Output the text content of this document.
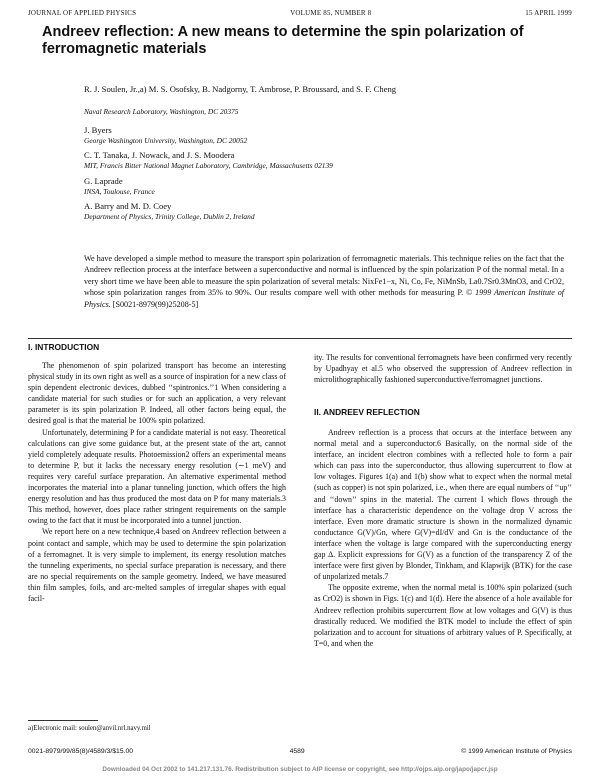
JOURNAL OF APPLIED PHYSICS	VOLUME 85, NUMBER 8	15 APRIL 1999
Andreev reflection: A new means to determine the spin polarization of ferromagnetic materials
R. J. Soulen, Jr.,a) M. S. Osofsky, B. Nadgorny, T. Ambrose, P. Broussard, and S. F. Cheng
Naval Research Laboratory, Washington, DC 20375
J. Byers
George Washington University, Washington, DC 20052
C. T. Tanaka, J. Nowack, and J. S. Moodera
MIT, Francis Bitter National Magnet Laboratory, Cambridge, Massachusetts 02139
G. Laprade
INSA, Toulouse, France
A. Barry and M. D. Coey
Department of Physics, Trinity College, Dublin 2, Ireland
We have developed a simple method to measure the transport spin polarization of ferromagnetic materials. This technique relies on the fact that the Andreev reflection process at the interface between a superconductive and normal is influenced by the spin polarization P of the normal metal. In a very short time we have been able to measure the spin polarization of several metals: NixFe1−x, Ni, Co, Fe, NiMnSb, La0.7Sr0.3MnO3, and CrO2, whose spin polarization ranges from 35% to 90%. Our results compare well with other methods for measuring P. © 1999 American Institute of Physics. [S0021-8979(99)25208-5]
I. INTRODUCTION

The phenomenon of spin polarized transport has become an interesting physical study in its own right as well as a source of inspiration for a new class of spin dependent electronic devices, dubbed ‘‘spintronics.’’1 When considering a candidate material for such studies or for such an application, a very relevant parameter is its spin polarization P. Indeed, all other factors being equal, the desired goal is that the material be 100% spin polarized.

Unfortunately, determining P for a candidate material is not easy. Theoretical calculations can give some guidance but, at the present state of the art, cannot yield completely adequate results. Photoemission2 offers an experimental means to determine P, but it lacks the necessary energy resolution (∼1 meV) and requires very careful surface preparation. An alternative experimental method incorporates the material into a planar tunneling junction, which offers the high energy resolution and has thus produced the most data on P for many materials.3 This method, however, does place rather stringent requirements on the sample owing to the fact that it must be incorporated into a tunnel junction.

We report here on a new technique,4 based on Andreev reflection between a point contact and sample, which may be used to determine the spin polarization of a ferromagnet. It is very simple to implement, its energy resolution matches the tunneling experiments, no special surface preparation is necessary, and there are no special requirements on the sample geometry. Indeed, we have measured thin film samples, foils, and arc-melted samples of irregular shapes with equal facil-

ity. The results for conventional ferromagnets have been confirmed very recently by Upadhyay et al.5 who observed the suppression of Andreev reflection in microlithographically fashioned superconductive/ferromagnet junctions.

II. ANDREEV REFLECTION

Andreev reflection is a process that occurs at the interface between any normal metal and a superconductor.6 Basically, on the normal side of the interface, an incident electron combines with a reflected hole to form a pair which can pass into the superconductor, thus allowing supercurrent to flow at low voltages. Figures 1(a) and 1(b) show what to expect when the normal metal (such as copper) is not spin polarized, i.e., when there are equal numbers of ‘‘up’’ and ‘‘down’’ spins in the material. The current I which flows through the interface has a characteristic dependence on the voltage drop V across the interface. Even more dramatic structure is shown in the normalized dynamic conductance G(V)/Gn, where G(V)=dI/dV and Gn is the conductance of the interface when the voltage is large compared with the superconducting energy gap Δ. Explicit expressions for G(V) as a function of the transparency Z of the interface were first given by Blonder, Tinkham, and Klapwijk (BTK) for the case of unpolarized metals.7

The opposite extreme, when the normal metal is 100% spin polarized (such as CrO2) is shown in Figs. 1(c) and 1(d). Here the absence of a hole available for Andreev reflection prohibits supercurrent flow at low voltages and G(V) is thus drastically reduced. We modified the BTK model to include the effect of spin polarization and to account for situations of arbitrary values of P. Specifically, at T=0, and when the

a)Electronic mail: soulen@anvil.nrl.navy.mil
0021-8979/99/85(8)/4589/3/$15.00	4589	© 1999 American Institute of Physics
Downloaded 04 Oct 2002 to 141.217.131.76. Redistribution subject to AIP license or copyright, see http://ojps.aip.org/japo/japcr.jsp
